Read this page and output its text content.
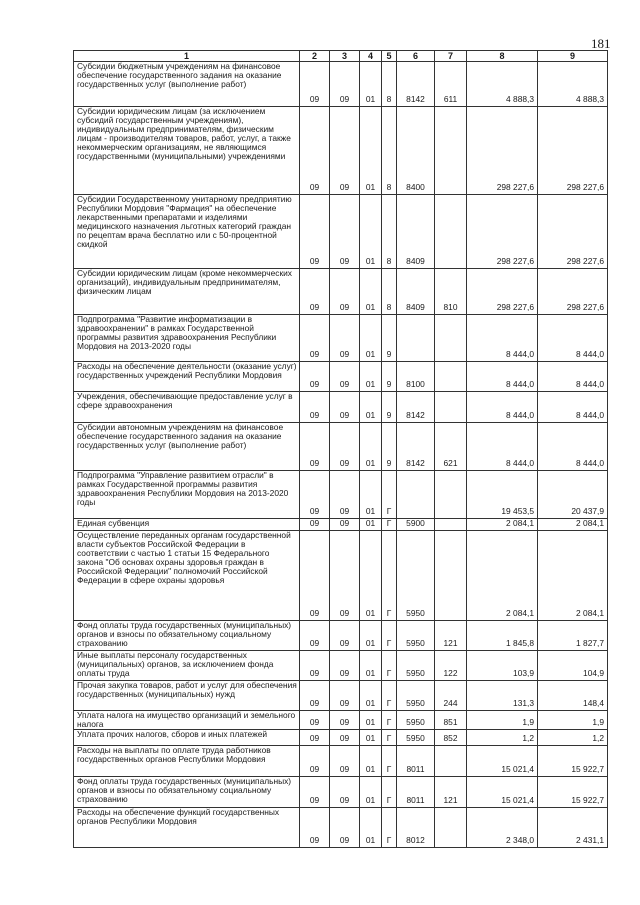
181
1	2	3	4	5	6	7	8	9
Субсидии бюджетным учреждениям на финансовое обеспечение государственного задания на оказание государственных услуг (выполнение работ)	09	09	01	8	8142	611	4 888,3	4 888,3
Субсидии юридическим лицам (за исключением субсидий государственным учреждениям), индивидуальным предпринимателям, физическим лицам - производителям товаров, работ, услуг, а также некоммерческим организациям, не являющимся государственными (муниципальными) учреждениями	09	09	01	8	8400		298 227,6	298 227,6
Субсидии Государственному унитарному предприятию Республики Мордовия "Фармация" на обеспечение лекарственными препаратами и изделиями медицинского назначения льготных категорий граждан по рецептам врача бесплатно или с 50-процентной скидкой	09	09	01	8	8409		298 227,6	298 227,6
Субсидии юридическим лицам (кроме некоммерческих организаций), индивидуальным предпринимателям, физическим лицам	09	09	01	8	8409	810	298 227,6	298 227,6
Подпрограмма "Развитие информатизации в здравоохранении" в рамках Государственной программы развития здравоохранения Республики Мордовия на 2013-2020 годы	09	09	01	9			8 444,0	8 444,0
Расходы на обеспечение деятельности (оказание услуг) государственных учреждений Республики Мордовия	09	09	01	9	8100		8 444,0	8 444,0
Учреждения, обеспечивающие предоставление услуг в сфере здравоохранения	09	09	01	9	8142		8 444,0	8 444,0
Субсидии автономным учреждениям на финансовое обеспечение государственного задания на оказание государственных услуг (выполнение работ)	09	09	01	9	8142	621	8 444,0	8 444,0
Подпрограмма "Управление развитием отрасли" в рамках Государственной программы развития здравоохранения Республики Мордовия на 2013-2020 годы	09	09	01	Г			19 453,5	20 437,9
Единая субвенция	09	09	01	Г	5900		2 084,1	2 084,1
Осуществление переданных органам государственной власти субъектов Российской Федерации в соответствии с частью 1 статьи 15 Федерального закона "Об основах охраны здоровья граждан в Российской Федерации" полномочий Российской Федерации в сфере охраны здоровья	09	09	01	Г	5950		2 084,1	2 084,1
Фонд оплаты труда государственных (муниципальных) органов и взносы по обязательному социальному страхованию	09	09	01	Г	5950	121	1 845,8	1 827,7
Иные выплаты персоналу государственных (муниципальных) органов, за исключением фонда оплаты труда	09	09	01	Г	5950	122	103,9	104,9
Прочая закупка товаров, работ и услуг для обеспечения государственных (муниципальных) нужд	09	09	01	Г	5950	244	131,3	148,4
Уплата налога на имущество организаций и земельного налога	09	09	01	Г	5950	851	1,9	1,9
Уплата прочих налогов, сборов и иных платежей	09	09	01	Г	5950	852	1,2	1,2
Расходы на выплаты по оплате труда работников государственных органов Республики Мордовия	09	09	01	Г	8011		15 021,4	15 922,7
Фонд оплаты труда государственных (муниципальных) органов и взносы по обязательному социальному страхованию	09	09	01	Г	8011	121	15 021,4	15 922,7
Расходы на обеспечение функций государственных органов Республики Мордовия	09	09	01	Г	8012		2 348,0	2 431,1
